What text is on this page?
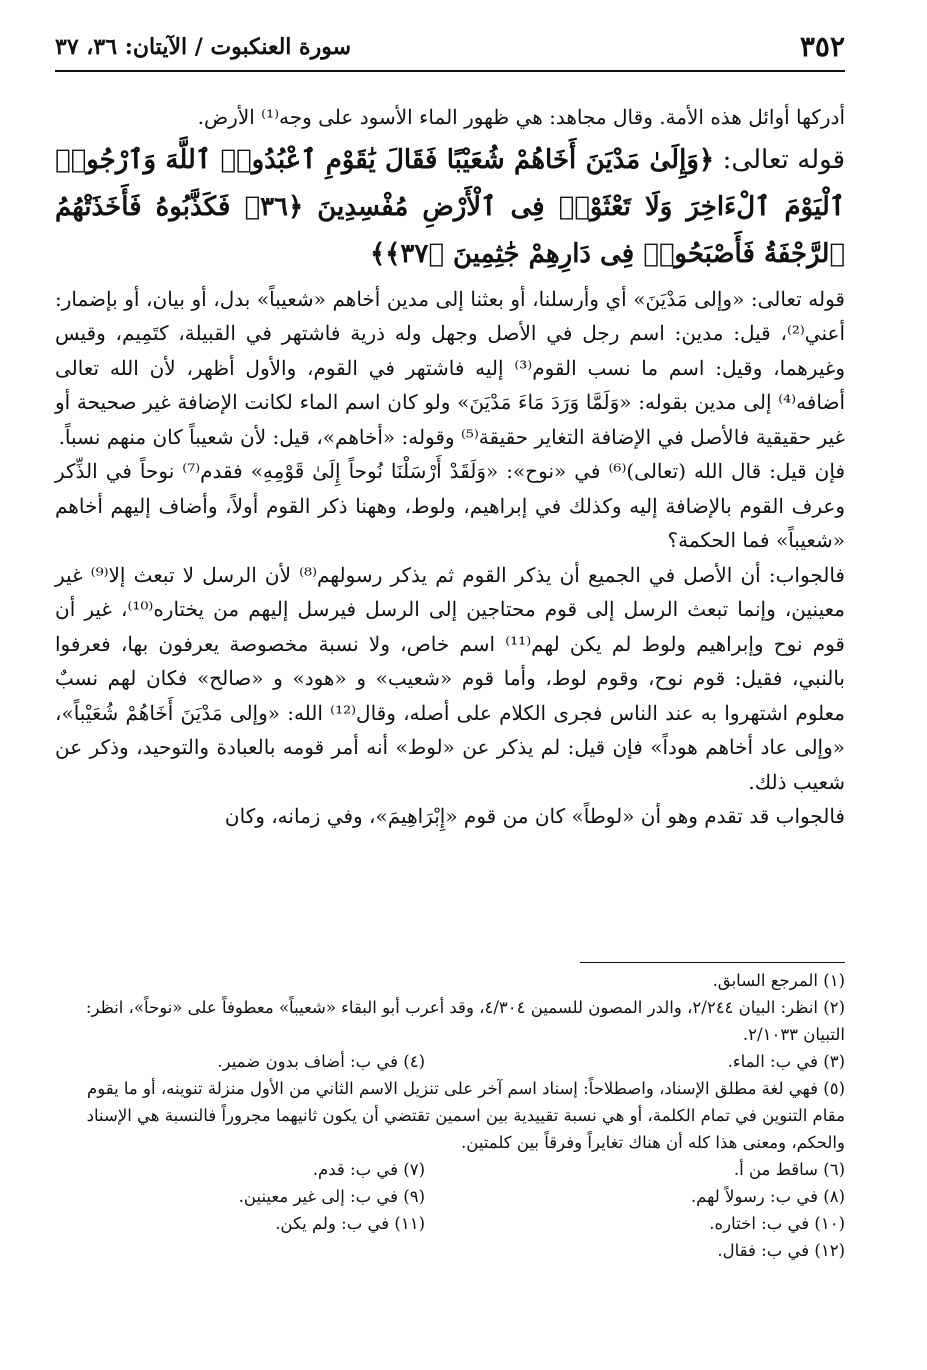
٣٥٢
سورة العنكبوت / الآيتان: ٣٦، ٣٧

أدركها أوائل هذه الأمة. وقال مجاهد: هي ظهور الماء الأسود على وجه⁽¹⁾ الأرض.

قوله تعالى: ﴿وَإِلَىٰ مَدْيَنَ أَخَاهُمْ شُعَيْبًا فَقَالَ يَٰقَوْمِ ٱعْبُدُوا۟ ٱللَّهَ وَٱرْجُوا۟ ٱلْيَوْمَ ٱلْءَاخِرَ وَلَا تَعْثَوْا۟ فِى ٱلْأَرْضِ مُفْسِدِينَ ﴿٣٦﴾ فَكَذَّبُوهُ فَأَخَذَتْهُمُ ٱلرَّجْفَةُ فَأَصْبَحُوا۟ فِى دَارِهِمْ جَٰثِمِينَ ﴿٣٧﴾﴾

قوله تعالى: «وإلى مَدْيَنَ» أي وأرسلنا، أو بعثنا إلى مدين أخاهم «شعيباً» بدل، أو بيان، أو بإضمار: أعني⁽²⁾، قيل: مدين: اسم رجل في الأصل وجهل وله ذرية فاشتهر في القبيلة، كتَمِيم، وقيس وغيرهما، وقيل: اسم ما نسب القوم⁽³⁾ إليه فاشتهر في القوم، والأول أظهر، لأن الله تعالى أضافه⁽⁴⁾ إلى مدين بقوله: «وَلَمَّا وَرَدَ مَاءَ مَدْيَنَ» ولو كان اسم الماء لكانت الإضافة غير صحيحة أو غير حقيقية فالأصل في الإضافة التغاير حقيقة⁽⁵⁾ وقوله: «أخاهم»، قيل: لأن شعيباً كان منهم نسباً.

فإن قيل: قال الله (تعالى)⁽⁶⁾ في «نوح»: «وَلَقَدْ أَرْسَلْنَا نُوحاً إِلَىٰ قَوْمِهِ» فقدم⁽⁷⁾ نوحاً في الذِّكر وعرف القوم بالإضافة إليه وكذلك في إبراهيم، ولوط، وههنا ذكر القوم أولاً، وأضاف إليهم أخاهم «شعيباً» فما الحكمة؟

فالجواب: أن الأصل في الجميع أن يذكر القوم ثم يذكر رسولهم⁽⁸⁾ لأن الرسل لا تبعث إلا⁽⁹⁾ غير معينين، وإنما تبعث الرسل إلى قوم محتاجين إلى الرسل فيرسل إليهم من يختاره⁽¹⁰⁾، غير أن قوم نوح وإبراهيم ولوط لم يكن لهم⁽¹¹⁾ اسم خاص، ولا نسبة مخصوصة يعرفون بها، فعرفوا بالنبي، فقيل: قوم نوح، وقوم لوط، وأما قوم «شعيب» و «هود» و «صالح» فكان لهم نسبٌ معلوم اشتهروا به عند الناس فجرى الكلام على أصله، وقال⁽¹²⁾ الله: «وإلى مَدْيَنَ أَخَاهُمْ شُعَيْباً»، «وإلى عاد أخاهم هوداً» فإن قيل: لم يذكر عن «لوط» أنه أمر قومه بالعبادة والتوحيد، وذكر عن شعيب ذلك.

فالجواب قد تقدم وهو أن «لوطاً» كان من قوم «إِبْرَاهِيمَ»، وفي زمانه، وكان

(١) المرجع السابق.

(٢) انظر: البيان ٢/٢٤٤، والدر المصون للسمين ٤/٣٠٤، وقد أعرب أبو البقاء «شعيباً» معطوفاً على «نوحاً»، انظر: التبيان ٢/١٠٣٣.

(٣) في ب: الماء.
(٤) في ب: أضاف بدون ضمير.

(٥) فهي لغة مطلق الإسناد، واصطلاحاً: إسناد اسم آخر على تنزيل الاسم الثاني من الأول منزلة تنوينه، أو ما يقوم مقام التنوين في تمام الكلمة، أو هي نسبة تقييدية بين اسمين تقتضي أن يكون ثانيهما مجروراً فالنسبة هي الإسناد والحكم، ومعنى هذا كله أن هناك تغايراً وفرقاً بين كلمتين.

(٦) ساقط من أ.
(٧) في ب: قدم.
(٨) في ب: رسولاً لهم.
(٩) في ب: إلى غير معينين.
(١٠) في ب: اختاره.
(١١) في ب: ولم يكن.

(١٢) في ب: فقال.
